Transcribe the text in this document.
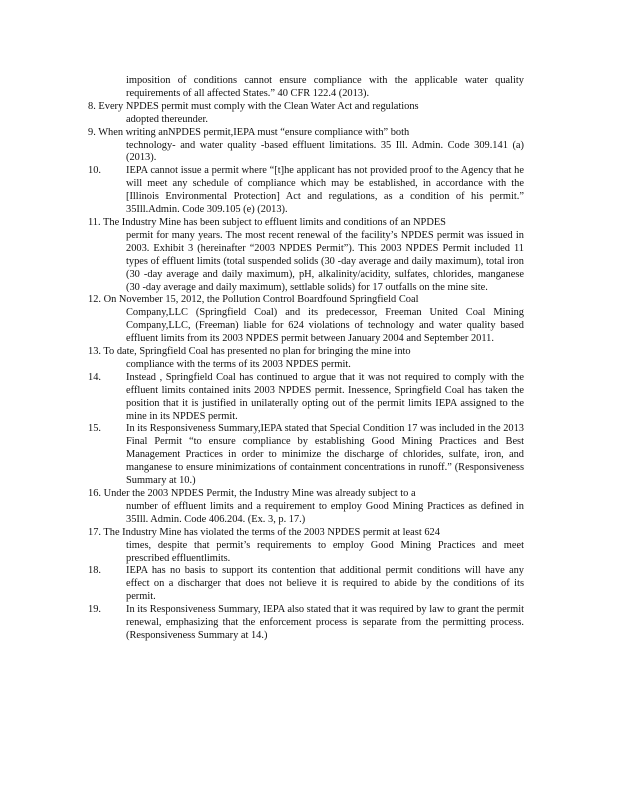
imposition of conditions cannot ensure compliance with the applicable water quality requirements of all affected States.” 40 CFR 122.4 (2013).

8. Every NPDES permit must comply with the Clean Water Act and regulations
adopted thereunder.

9. When writing anNPDES permit,IEPA must “ensure compliance with” both
technology- and water quality -based effluent limitations. 35 Ill. Admin. Code 309.141 (a) (2013).

10. IEPA cannot issue a permit where “[t]he applicant has not provided proof to the Agency that he will meet any schedule of compliance which may be established, in accordance with the [Illinois Environmental Protection] Act and regulations, as a condition of his permit.” 35Ill.Admin. Code 309.105 (e) (2013).

11. The Industry Mine has been subject to effluent limits and conditions of an NPDES
permit for many years. The most recent renewal of the facility’s NPDES permit was issued in 2003. Exhibit 3 (hereinafter “2003 NPDES Permit”). This 2003 NPDES Permit included 11 types of effluent limits (total suspended solids (30 -day average and daily maximum), total iron (30 -day average and daily maximum), pH, alkalinity/acidity, sulfates, chlorides, manganese (30 -day average and daily maximum), settlable solids) for 17 outfalls on the mine site.

12. On November 15, 2012, the Pollution Control Boardfound Springfield Coal
Company,LLC (Springfield Coal) and its predecessor, Freeman United Coal Mining Company,LLC, (Freeman) liable for 624 violations of technology and water quality based effluent limits from its 2003 NPDES permit between January 2004 and September 2011.

13. To date, Springfield Coal has presented no plan for bringing the mine into
compliance with the terms of its 2003 NPDES permit.

14. Instead , Springfield Coal has continued to argue that it was not required to comply with the effluent limits contained inits 2003 NPDES permit. Inessence, Springfield Coal has taken the position that it is justified in unilaterally opting out of the permit limits IEPA assigned to the mine in its NPDES permit.

15. In its Responsiveness Summary,IEPA stated that Special Condition 17 was included in the 2013 Final Permit “to ensure compliance by establishing Good Mining Practices and Best Management Practices in order to minimize the discharge of chlorides, sulfate, iron, and manganese to ensure minimizations of containment concentrations in runoff.” (Responsiveness Summary at 10.)

16. Under the 2003 NPDES Permit, the Industry Mine was already subject to a
number of effluent limits and a requirement to employ Good Mining Practices as defined in 35Ill. Admin. Code 406.204. (Ex. 3, p. 17.)

17. The Industry Mine has violated the terms of the 2003 NPDES permit at least 624
times, despite that permit’s requirements to employ Good Mining Practices and meet prescribed effluentlimits.

18. IEPA has no basis to support its contention that additional permit conditions will have any effect on a discharger that does not believe it is required to abide by the conditions of its permit.

19. In its Responsiveness Summary, IEPA also stated that it was required by law to grant the permit renewal, emphasizing that the enforcement process is separate from the permitting process. (Responsiveness Summary at 14.)
